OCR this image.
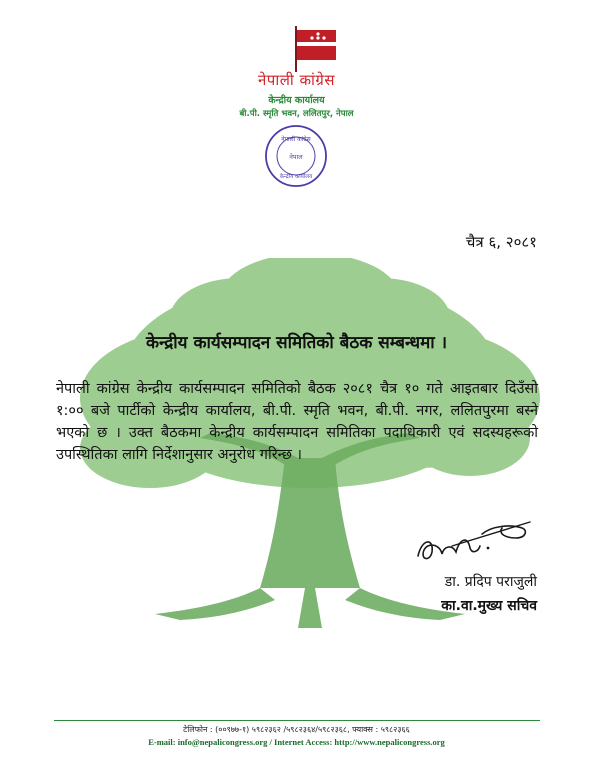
नेपाली कांग्रेस
केन्द्रीय कार्यालय
बी.पी. स्मृति भवन, ललितपुर, नेपाल
नेपाली कांग्रेस
नेपाल
केन्द्रीय कार्यालय
चैत्र ६, २०८१
केन्द्रीय कार्यसम्पादन समितिको बैठक सम्बन्धमा ।
नेपाली कांग्रेस केन्द्रीय कार्यसम्पादन समितिको बैठक २०८१ चैत्र १० गते आइतबार दिउँसो १:०० बजे पार्टीको केन्द्रीय कार्यालय, बी.पी. स्मृति भवन, बी.पी. नगर, ललितपुरमा बस्ने भएको छ । उक्त बैठकमा केन्द्रीय कार्यसम्पादन समितिका पदाधिकारी एवं सदस्यहरूको उपस्थितिका लागि निर्देशानुसार अनुरोध गरिन्छ ।
डा. प्रदिप पराजुली
का.वा.मुख्य सचिव
टेलिफोन : (००९७७-१) ५९८२३६२ /५९८२३६४/५९८२३६८, फ्याक्स : ५९८२३६६
E-mail: info@nepalicongress.org / Internet Access: http://www.nepalicongress.org
